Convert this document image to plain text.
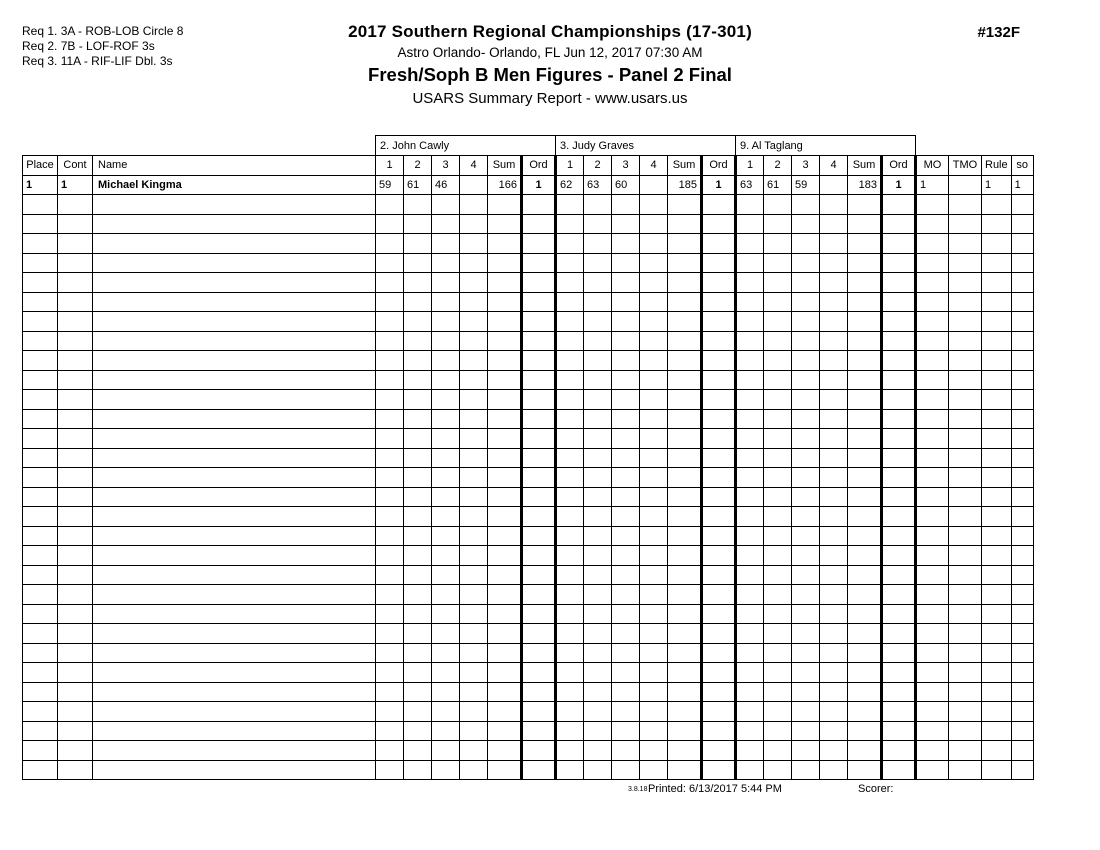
Req 1. 3A - ROB-LOB Circle 8
Req 2. 7B - LOF-ROF 3s
Req 3. 11A - RIF-LIF Dbl. 3s
2017 Southern Regional Championships (17-301)
Astro Orlando- Orlando, FL Jun 12, 2017 07:30 AM
Fresh/Soph B Men Figures - Panel 2 Final
USARS Summary Report - www.usars.us
#132F
			2. John Cawly						3. Judy Graves						9. Al Taglang									
Place	Cont	Name	1	2	3	4	Sum	Ord	1	2	3	4	Sum	Ord	1	2	3	4	Sum	Ord	MO	TMO	Rule	so
1	1	Michael Kingma	59	61	46		166	1	62	63	60		185	1	63	61	59		183	1	1		1	1

3.8.18 Printed: 6/13/2017 5:44 PM	Scorer:
